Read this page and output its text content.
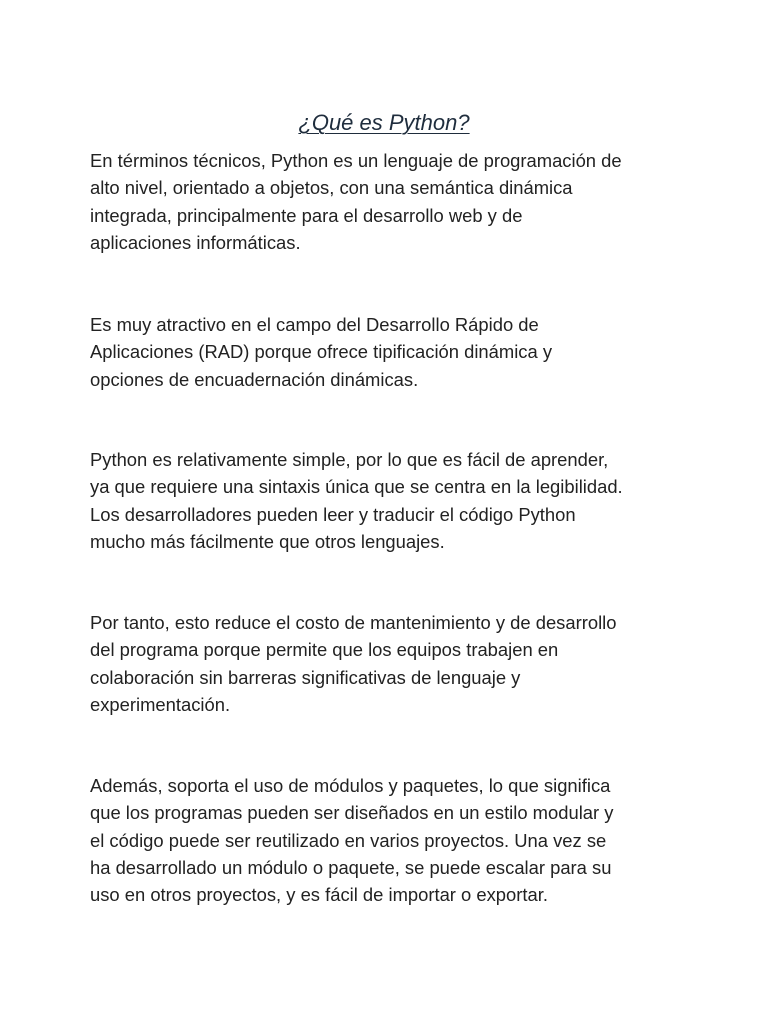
¿Qué es Python?

En términos técnicos, Python es un lenguaje de programación de
alto nivel, orientado a objetos, con una semántica dinámica
integrada, principalmente para el desarrollo web y de
aplicaciones informáticas.

Es muy atractivo en el campo del Desarrollo Rápido de
Aplicaciones (RAD) porque ofrece tipificación dinámica y
opciones de encuadernación dinámicas.

Python es relativamente simple, por lo que es fácil de aprender,
ya que requiere una sintaxis única que se centra en la legibilidad.
Los desarrolladores pueden leer y traducir el código Python
mucho más fácilmente que otros lenguajes.

Por tanto, esto reduce el costo de mantenimiento y de desarrollo
del programa porque permite que los equipos trabajen en
colaboración sin barreras significativas de lenguaje y
experimentación.

Además, soporta el uso de módulos y paquetes, lo que significa
que los programas pueden ser diseñados en un estilo modular y
el código puede ser reutilizado en varios proyectos. Una vez se
ha desarrollado un módulo o paquete, se puede escalar para su
uso en otros proyectos, y es fácil de importar o exportar.
